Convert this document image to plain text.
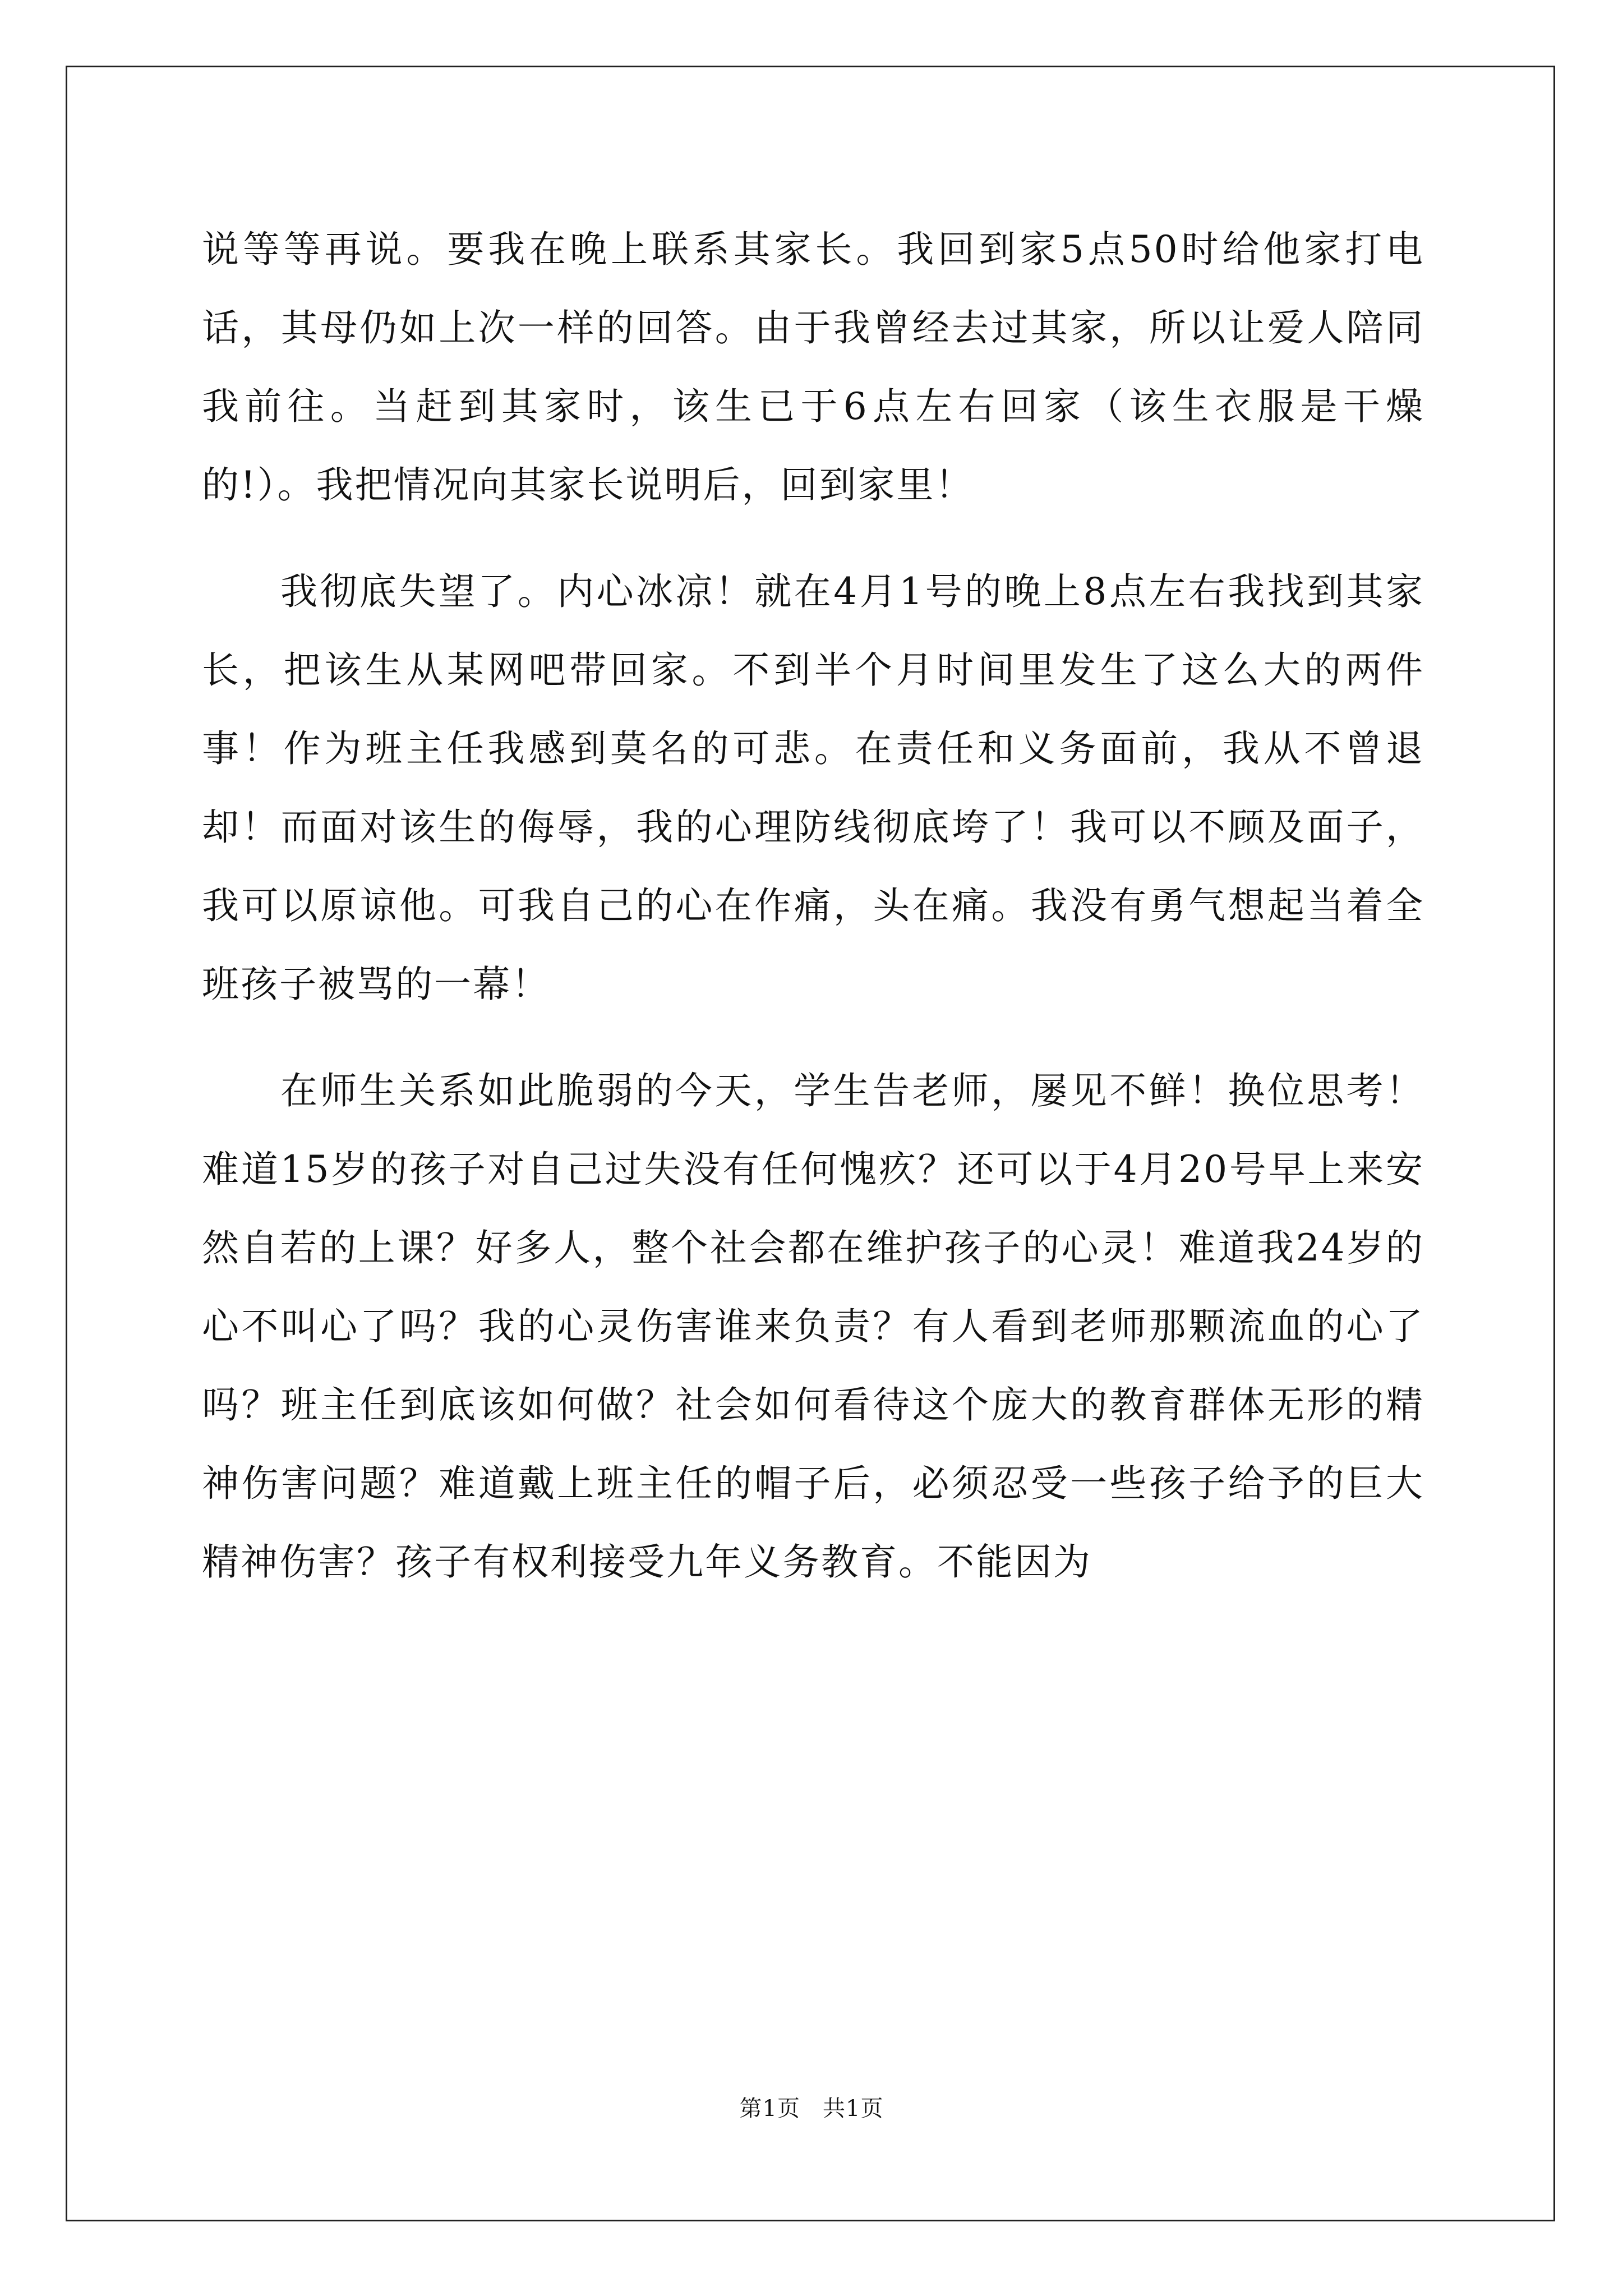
说等等再说。要我在晚上联系其家长。我回到家5点50时给他家打电话，其母仍如上次一样的回答。由于我曾经去过其家，所以让爱人陪同我前往。当赶到其家时，该生已于6点左右回家（该生衣服是干燥的!）。我把情况向其家长说明后，回到家里！

我彻底失望了。内心冰凉！就在4月1号的晚上8点左右我找到其家长，把该生从某网吧带回家。不到半个月时间里发生了这么大的两件事！作为班主任我感到莫名的可悲。在责任和义务面前，我从不曾退却！而面对该生的侮辱，我的心理防线彻底垮了！我可以不顾及面子，我可以原谅他。可我自己的心在作痛，头在痛。我没有勇气想起当着全班孩子被骂的一幕！

在师生关系如此脆弱的今天，学生告老师，屡见不鲜！换位思考！难道15岁的孩子对自己过失没有任何愧疚？还可以于4月20号早上来安然自若的上课？好多人，整个社会都在维护孩子的心灵！难道我24岁的心不叫心了吗？我的心灵伤害谁来负责？有人看到老师那颗流血的心了吗？班主任到底该如何做？社会如何看待这个庞大的教育群体无形的精神伤害问题？难道戴上班主任的帽子后，必须忍受一些孩子给予的巨大精神伤害？孩子有权利接受九年义务教育。不能因为

第1页 共1页
